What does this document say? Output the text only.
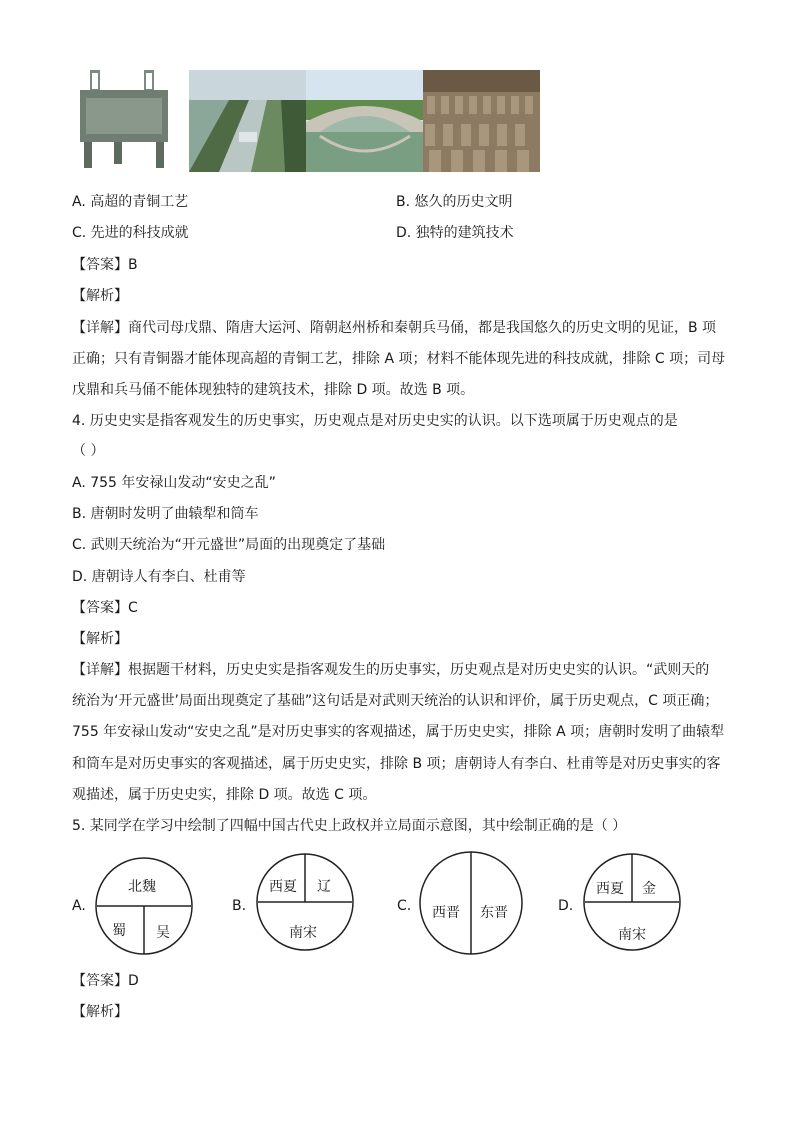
A. 高超的青铜工艺	B. 悠久的历史文明
C. 先进的科技成就	D. 独特的建筑技术
【答案】B
【解析】
【详解】商代司母戊鼎、隋唐大运河、隋朝赵州桥和秦朝兵马俑，都是我国悠久的历史文明的见证，B 项
正确；只有青铜器才能体现高超的青铜工艺，排除 A 项；材料不能体现先进的科技成就，排除 C 项；司母
戊鼎和兵马俑不能体现独特的建筑技术，排除 D 项。故选 B 项。
4. 历史史实是指客观发生的历史事实，历史观点是对历史史实的认识。以下选项属于历史观点的是
（ ）
A. 755 年安禄山发动“安史之乱”
B. 唐朝时发明了曲辕犁和筒车
C. 武则天统治为“开元盛世”局面的出现奠定了基础
D. 唐朝诗人有李白、杜甫等
【答案】C
【解析】
【详解】根据题干材料，历史史实是指客观发生的历史事实，历史观点是对历史史实的认识。“武则天的
统治为‘开元盛世’局面出现奠定了基础”这句话是对武则天统治的认识和评价，属于历史观点，C 项正确；
755 年安禄山发动“安史之乱”是对历史事实的客观描述，属于历史史实，排除 A 项；唐朝时发明了曲辕犁
和筒车是对历史事实的客观描述，属于历史史实，排除 B 项；唐朝诗人有李白、杜甫等是对历史事实的客
观描述，属于历史史实，排除 D 项。故选 C 项。
5. 某同学在学习中绘制了四幅中国古代史上政权并立局面示意图，其中绘制正确的是（ ）
A.
北魏
蜀 吴
B.
西夏 辽
南宋
C. 西晋 东晋	D.
西夏 金
南宋
【答案】D
【解析】
